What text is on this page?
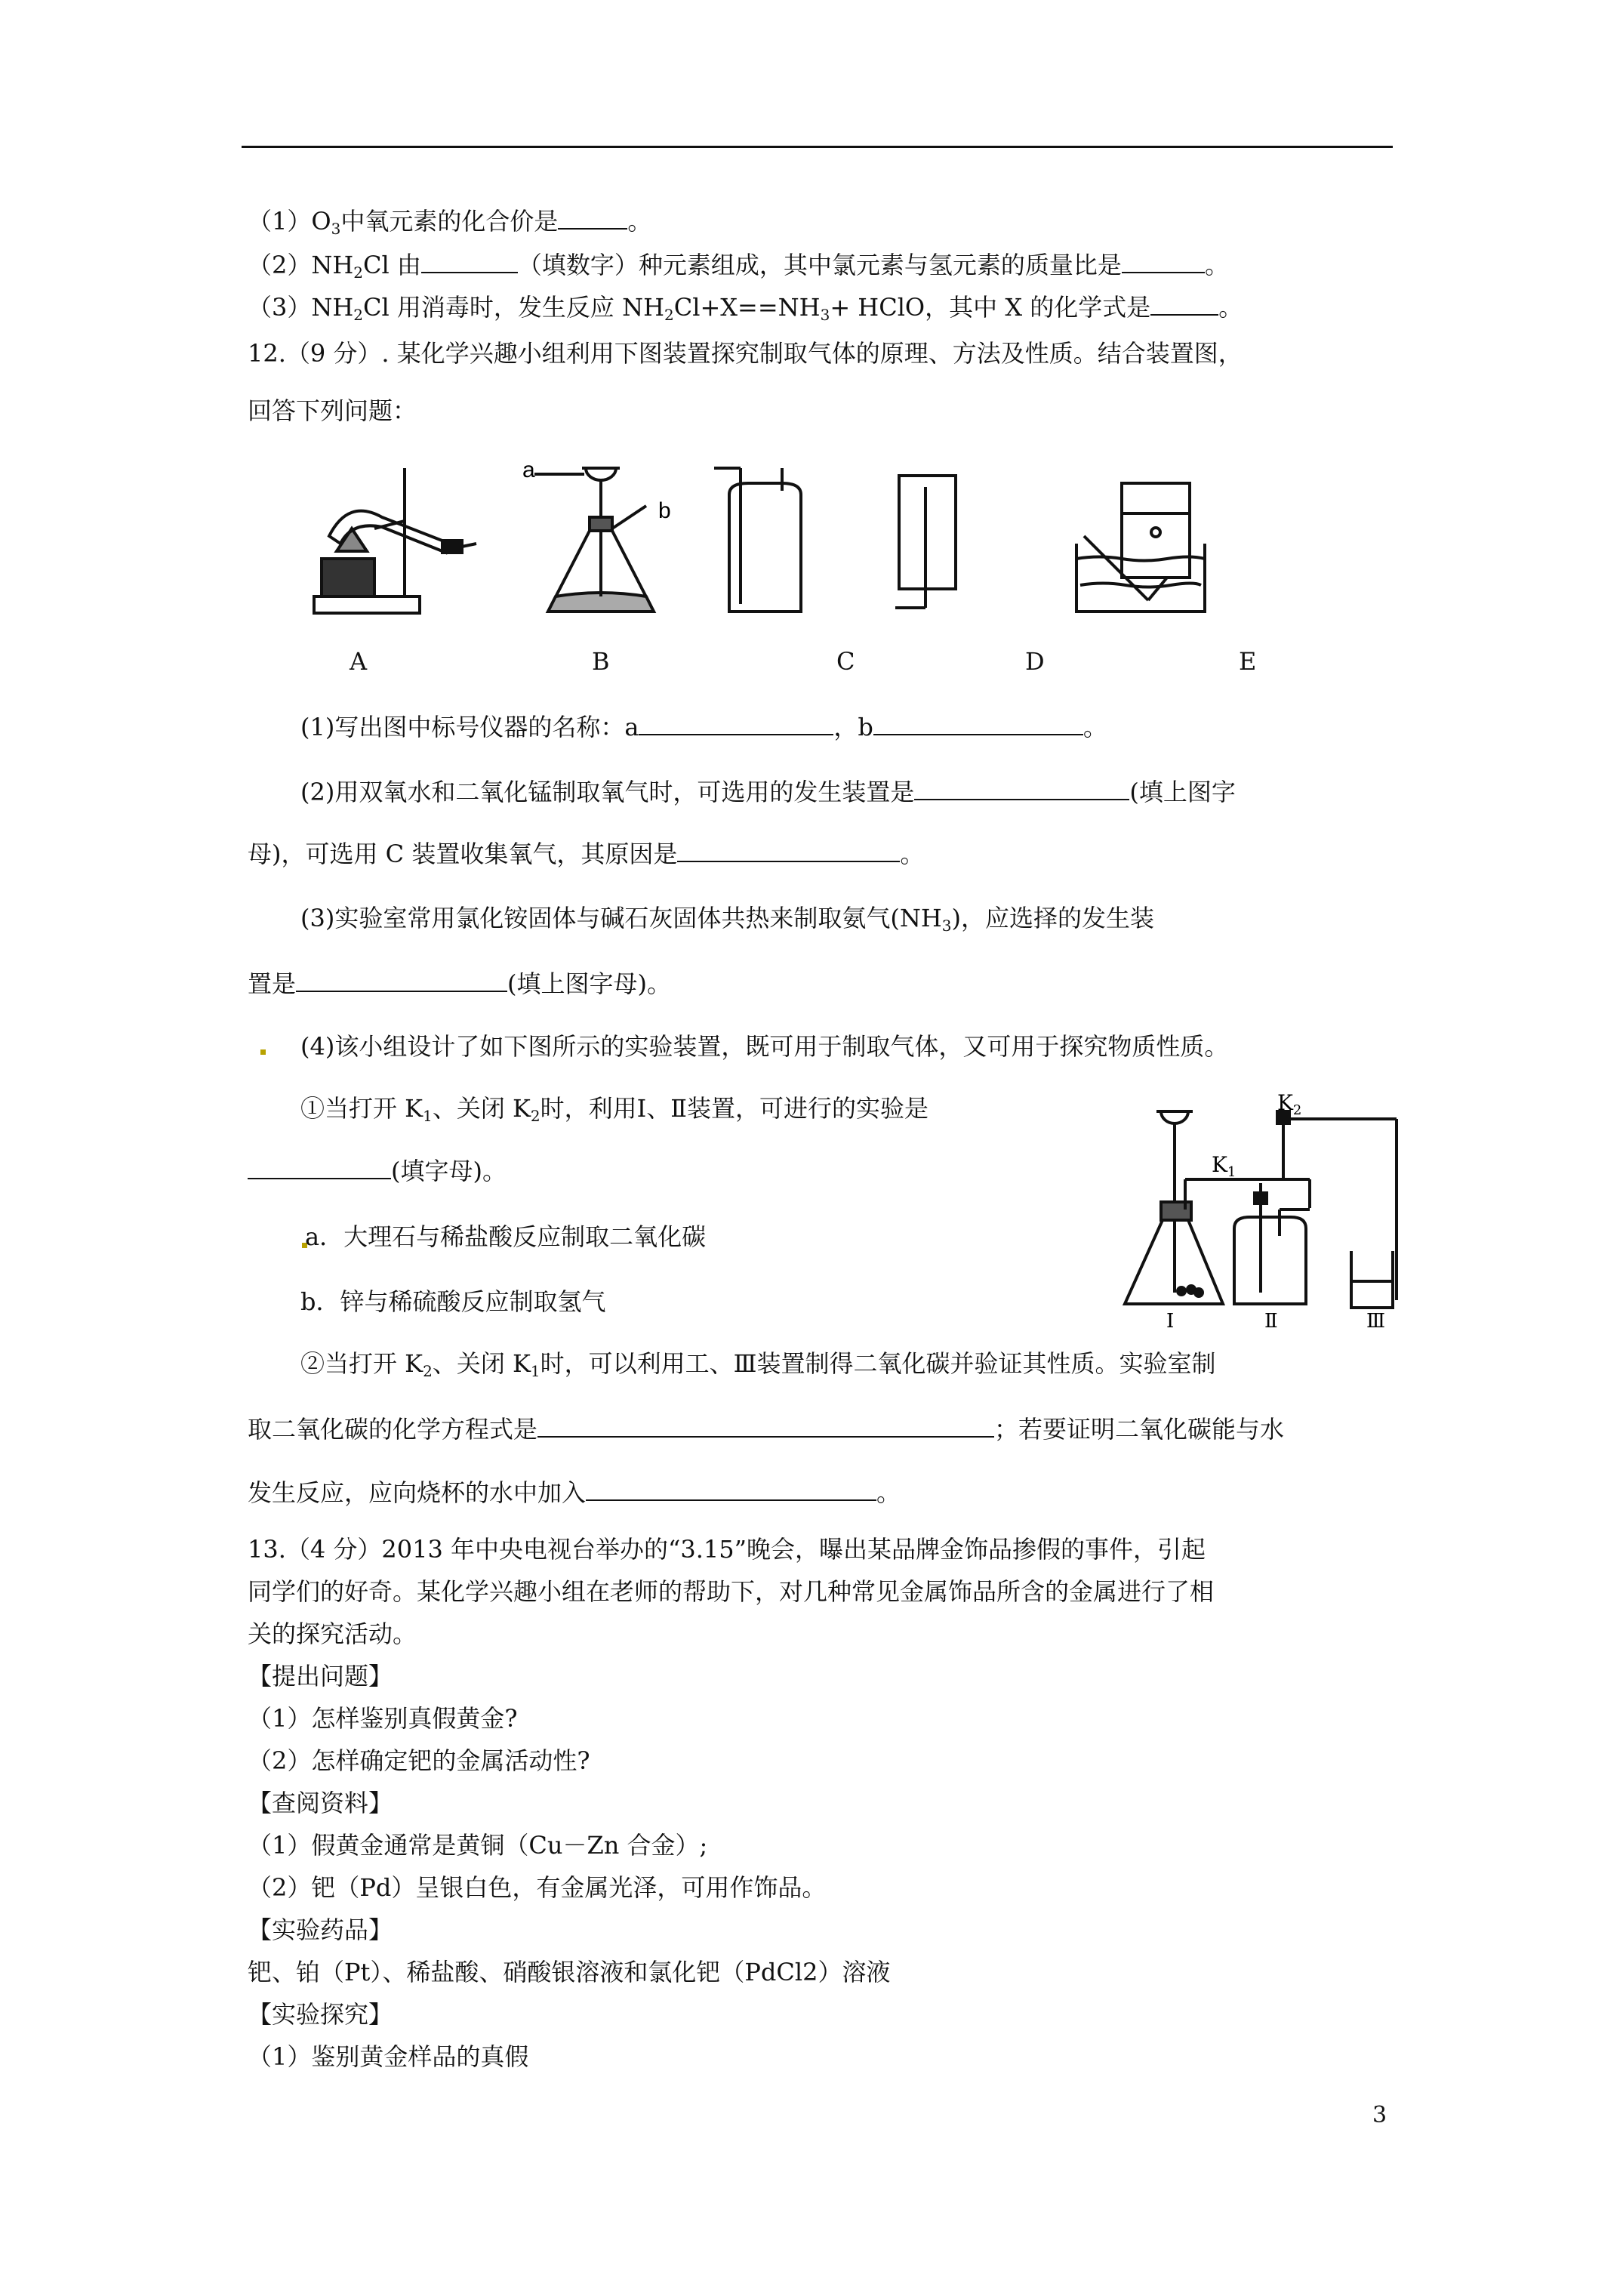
$(1)O_3$中氧元素的化合价是	。
$(2)NH_2Cl$ 由	（填数字）种元素组成，其中氯元素与氢元素的质量比是	。
$(3)NH_2Cl$ 用消毒时，发生反应 $NH_2Cl+X==NH_3+$ HClO，其中 X 的化学式是	。
12.（9 分）. 某化学兴趣小组利用下图装置探究制取气体的原理、方法及性质。结合装置图，
回答下列问题：
a
b
A	B	C	D	E
(1)写出图中标号仪器的名称：a	，b	。
(2)用双氧水和二氧化锰制取氧气时，可选用的发生装置是	(填上图字
母)，可选用 C 装置收集氧气，其原因是	。
(3)实验室常用氯化铵固体与碱石灰固体共热来制取氨气$(NH_3)$，应选择的发生装
置是	(填上图字母)。
(4)该小组设计了如下图所示的实验装置，既可用于制取气体，又可用于探究物质性质。
①当打开 $K_1$、关闭 $K_2$时，利用Ⅰ、Ⅱ装置，可进行的实验是
(填字母)。
a．大理石与稀盐酸反应制取二氧化碳
b．锌与稀硫酸反应制取氢气
$K_2$
$K_1$
Ⅰ	Ⅱ	Ⅲ
②当打开 $K_2$、关闭 $K_1$时，可以利用工、Ⅲ装置制得二氧化碳并验证其性质。实验室制
取二氧化碳的化学方程式是	；若要证明二氧化碳能与水
发生反应，应向烧杯的水中加入	。
13.（4 分）2013 年中央电视台举办的“3.15”晚会，曝出某品牌金饰品掺假的事件，引起
同学们的好奇。某化学兴趣小组在老师的帮助下，对几种常见金属饰品所含的金属进行了相
关的探究活动。
【提出问题】
（1）怎样鉴别真假黄金?
（2）怎样确定钯的金属活动性?
【查阅资料】
（1）假黄金通常是黄铜（Cu－Zn 合金）;
（2）钯（Pd）呈银白色，有金属光泽，可用作饰品。
【实验药品】
钯、铂（Pt）、稀盐酸、硝酸银溶液和氯化钯（PdCl2）溶液
【实验探究】
（1）鉴别黄金样品的真假
3
